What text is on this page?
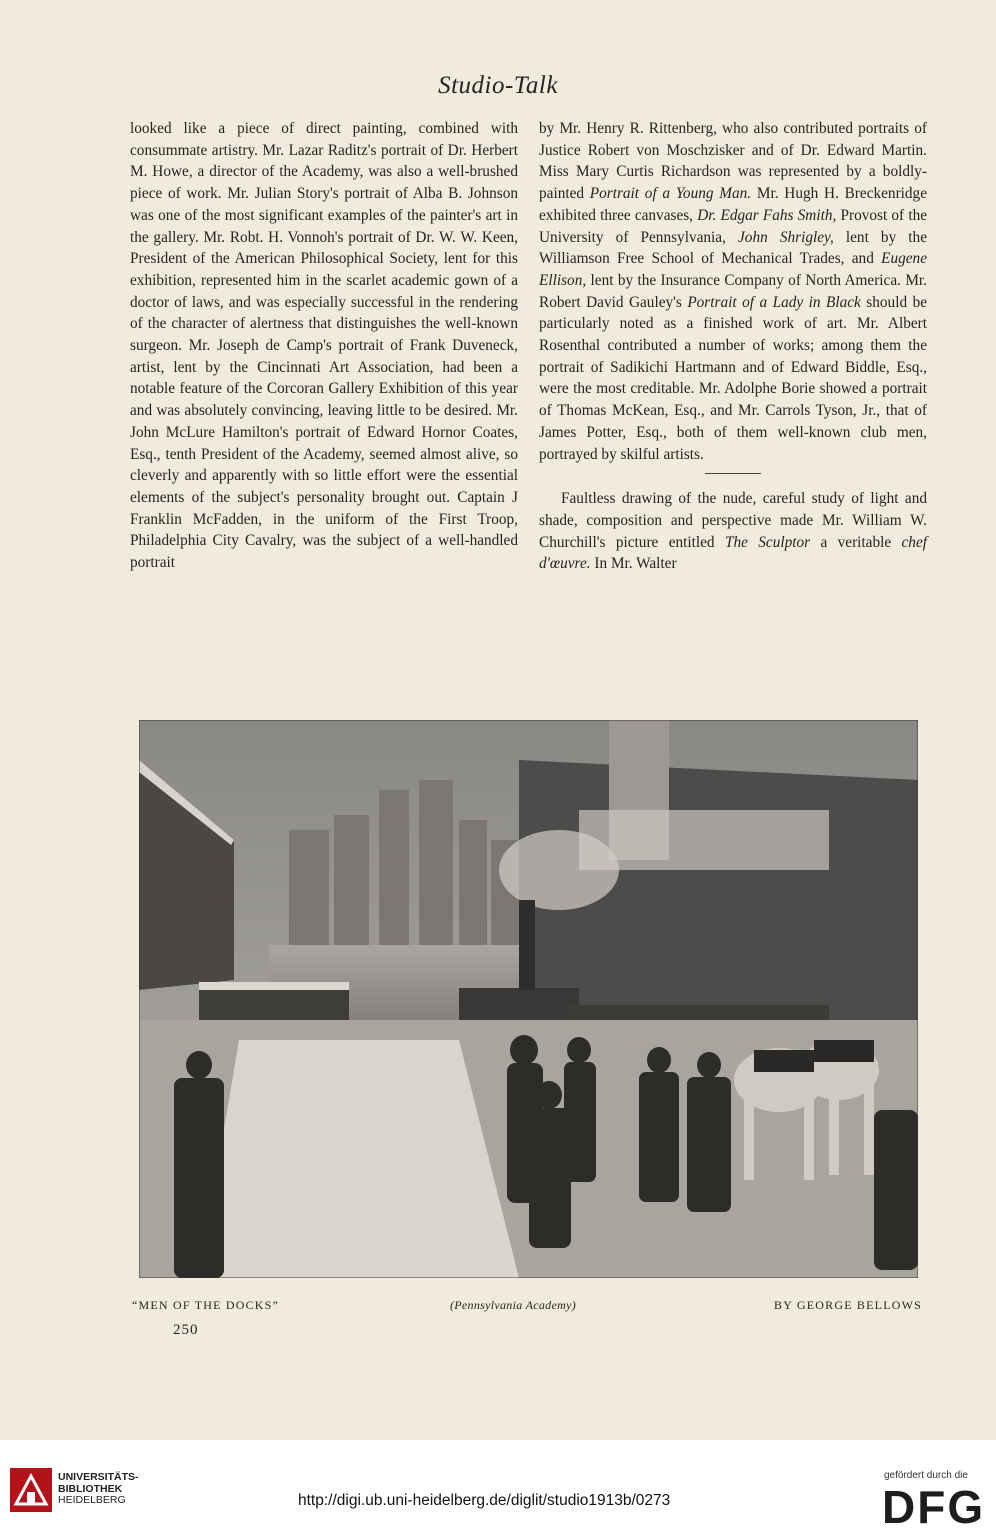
Studio-Talk

looked like a piece of direct painting, combined with consummate artistry. Mr. Lazar Raditz's portrait of Dr. Herbert M. Howe, a director of the Academy, was also a well-brushed piece of work. Mr. Julian Story's portrait of Alba B. Johnson was one of the most significant examples of the painter's art in the gallery. Mr. Robt. H. Vonnoh's portrait of Dr. W. W. Keen, President of the American Philosophical Society, lent for this exhibition, represented him in the scarlet academic gown of a doctor of laws, and was especially successful in the rendering of the character of alertness that distinguishes the well-known surgeon. Mr. Joseph de Camp's portrait of Frank Duveneck, artist, lent by the Cincinnati Art Association, had been a notable feature of the Corcoran Gallery Exhibition of this year and was absolutely convincing, leaving little to be desired. Mr. John McLure Hamilton's portrait of Edward Hornor Coates, Esq., tenth President of the Academy, seemed almost alive, so cleverly and apparently with so little effort were the essential elements of the subject's personality brought out. Captain J Franklin McFadden, in the uniform of the First Troop, Philadelphia City Cavalry, was the subject of a well-handled portrait

by Mr. Henry R. Rittenberg, who also contributed portraits of Justice Robert von Moschzisker and of Dr. Edward Martin. Miss Mary Curtis Richardson was represented by a boldly-painted Portrait of a Young Man. Mr. Hugh H. Breckenridge exhibited three canvases, Dr. Edgar Fahs Smith, Provost of the University of Pennsylvania, John Shrigley, lent by the Williamson Free School of Mechanical Trades, and Eugene Ellison, lent by the Insurance Company of North America. Mr. Robert David Gauley's Portrait of a Lady in Black should be particularly noted as a finished work of art. Mr. Albert Rosenthal contributed a number of works; among them the portrait of Sadikichi Hartmann and of Edward Biddle, Esq., were the most creditable. Mr. Adolphe Borie showed a portrait of Thomas McKean, Esq., and Mr. Carrols Tyson, Jr., that of James Potter, Esq., both of them well-known club men, portrayed by skilful artists.

Faultless drawing of the nude, careful study of light and shade, composition and perspective made Mr. William W. Churchill's picture entitled The Sculptor a veritable chef d'œuvre. In Mr. Walter

“MEN OF THE DOCKS”	(Pennsylvania Academy)	BY GEORGE BELLOWS
250
UNIVERSITÄTS-
BIBLIOTHEK
HEIDELBERG	http://digi.ub.uni-heidelberg.de/diglit/studio1913b/0273
gefördert durch die
DFG
